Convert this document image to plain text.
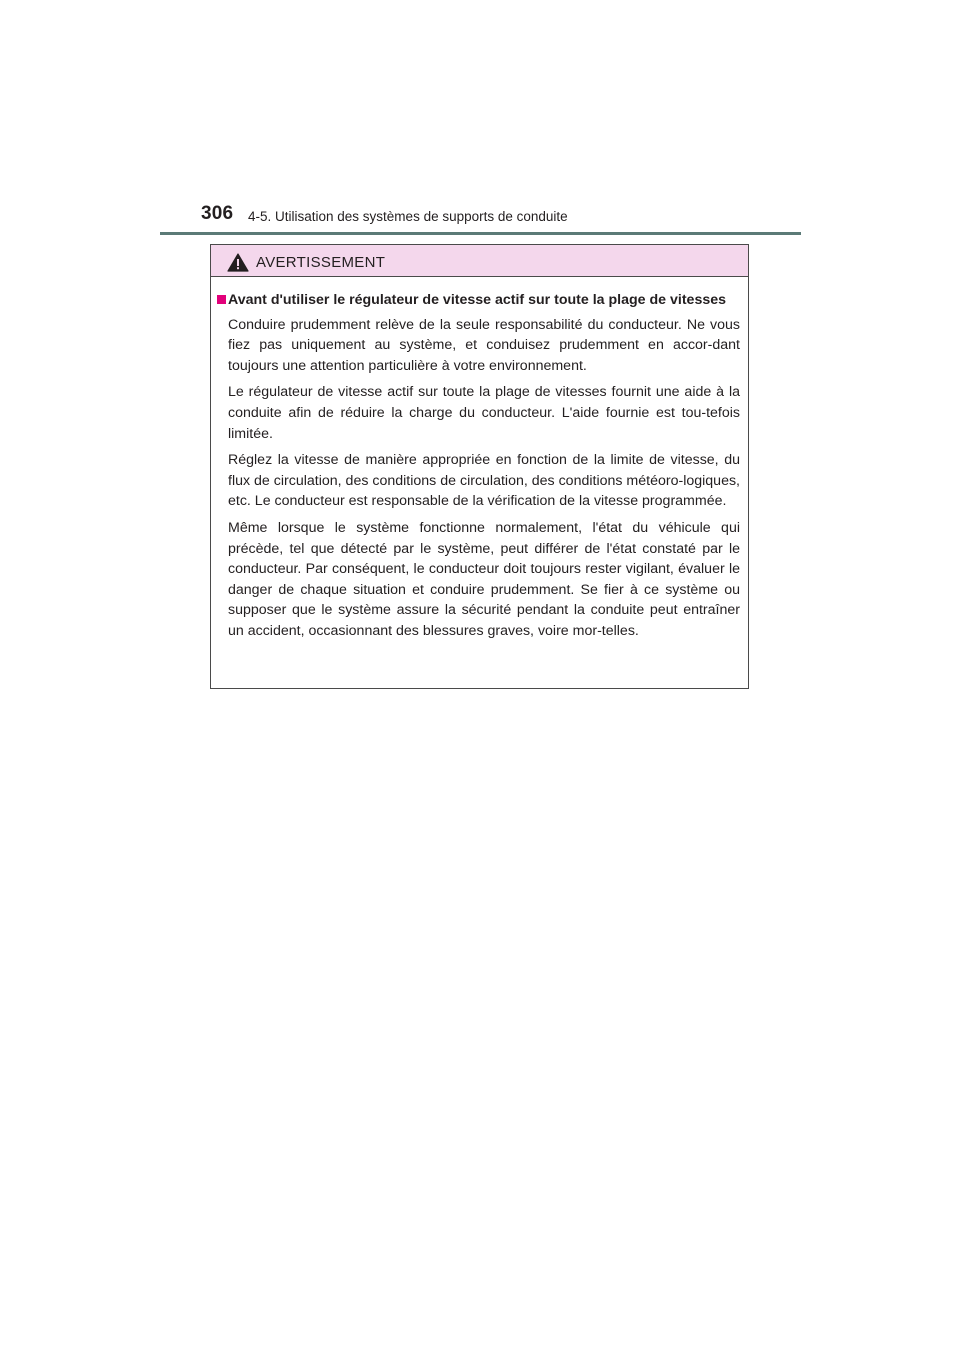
306 4-5. Utilisation des systèmes de supports de conduite
AVERTISSEMENT
Avant d'utiliser le régulateur de vitesse actif sur toute la plage de vitesses

Conduire prudemment relève de la seule responsabilité du conducteur. Ne vous fiez pas uniquement au système, et conduisez prudemment en accor-dant toujours une attention particulière à votre environnement.

Le régulateur de vitesse actif sur toute la plage de vitesses fournit une aide à la conduite afin de réduire la charge du conducteur. L'aide fournie est tou-tefois limitée.

Réglez la vitesse de manière appropriée en fonction de la limite de vitesse, du flux de circulation, des conditions de circulation, des conditions météoro-logiques, etc. Le conducteur est responsable de la vérification de la vitesse programmée.

Même lorsque le système fonctionne normalement, l'état du véhicule qui précède, tel que détecté par le système, peut différer de l'état constaté par le conducteur. Par conséquent, le conducteur doit toujours rester vigilant, évaluer le danger de chaque situation et conduire prudemment. Se fier à ce système ou supposer que le système assure la sécurité pendant la conduite peut entraîner un accident, occasionnant des blessures graves, voire mor-telles.
